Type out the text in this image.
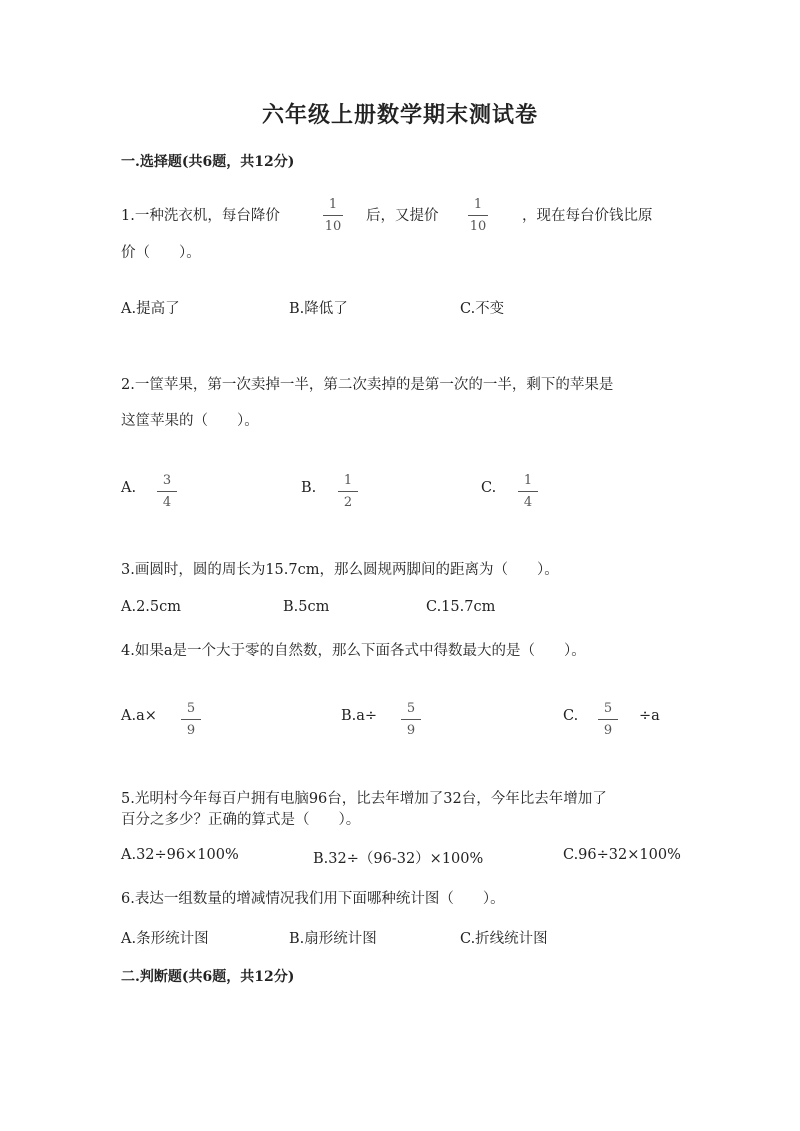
六年级上册数学期末测试卷
一.选择题(共6题，共12分)
1.一种洗衣机，每台降价
1
10
后，又提价
1
10
，现在每台价钱比原
价（　　）。
A.提高了	B.降低了	C.不变
2.一筐苹果，第一次卖掉一半，第二次卖掉的是第一次的一半，剩下的苹果是
这筐苹果的（　　）。
A.	3
4
B.	1
2
C.	1
4
3.画圆时，圆的周长为15.7cm，那么圆规两脚间的距离为（　　）。
A.2.5cm	B.5cm	C.15.7cm
4.如果a是一个大于零的自然数，那么下面各式中得数最大的是（　　）。
A.a×	5
9
B.a÷	5
9
C.	5
9
÷a
5.光明村今年每百户拥有电脑96台，比去年增加了32台，今年比去年增加了
百分之多少？正确的算式是（　　）。
A.32÷96×100%	B.32÷（96-32）×100%	C.96÷32×100%
6.表达一组数量的增减情况我们用下面哪种统计图（　　）。
A.条形统计图	B.扇形统计图	C.折线统计图
二.判断题(共6题，共12分)
